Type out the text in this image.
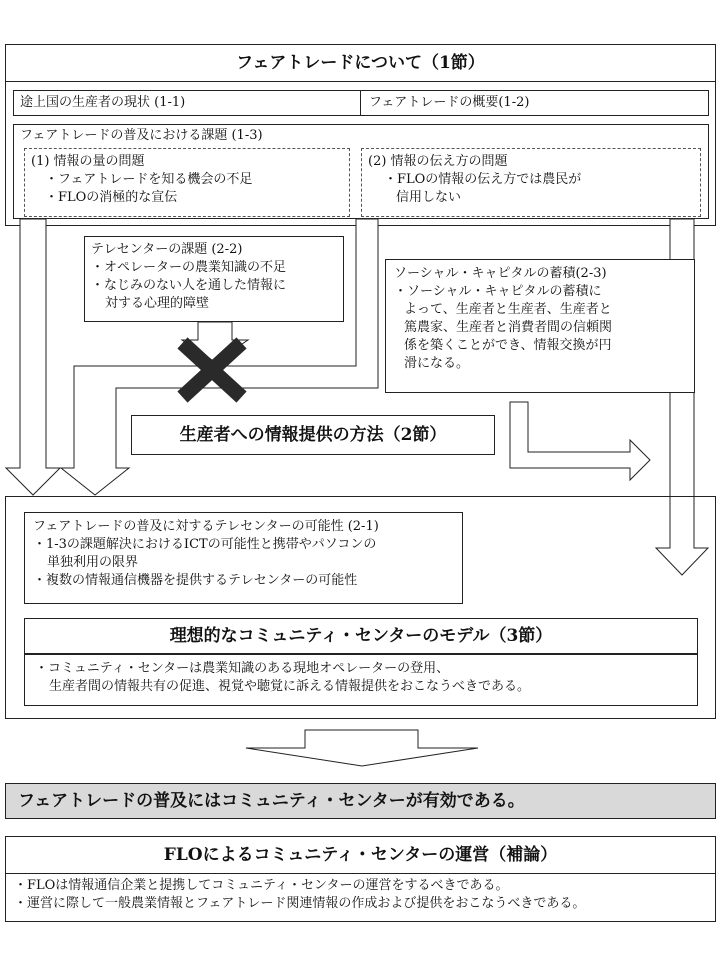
フェアトレードについて（1節）
途上国の生産者の現状 (1-1)	フェアトレードの概要(1-2)
フェアトレードの普及における課題 (1-3)
(1) 情報の量の問題
・フェアトレードを知る機会の不足
・FLOの消極的な宣伝
(2) 情報の伝え方の問題
・FLOの情報の伝え方では農民が
信用しない
テレセンターの課題 (2-2)
・オペレーターの農業知識の不足
・なじみのない人を通した情報に
対する心理的障壁
ソーシャル・キャピタルの蓄積(2-3)
・ソーシャル・キャピタルの蓄積に
よって、生産者と生産者、生産者と
篤農家、生産者と消費者間の信頼関
係を築くことができ、情報交換が円
滑になる。
生産者への情報提供の方法（2節）
フェアトレードの普及に対するテレセンターの可能性 (2-1)
・1-3の課題解決におけるICTの可能性と携帯やパソコンの
単独利用の限界
・複数の情報通信機器を提供するテレセンターの可能性
理想的なコミュニティ・センターのモデル（3節）
・コミュニティ・センターは農業知識のある現地オペレーターの登用、
生産者間の情報共有の促進、視覚や聴覚に訴える情報提供をおこなうべきである。
フェアトレードの普及にはコミュニティ・センターが有効である。
FLOによるコミュニティ・センターの運営（補論）
・FLOは情報通信企業と提携してコミュニティ・センターの運営をするべきである。
・運営に際して一般農業情報とフェアトレード関連情報の作成および提供をおこなうべきである。
